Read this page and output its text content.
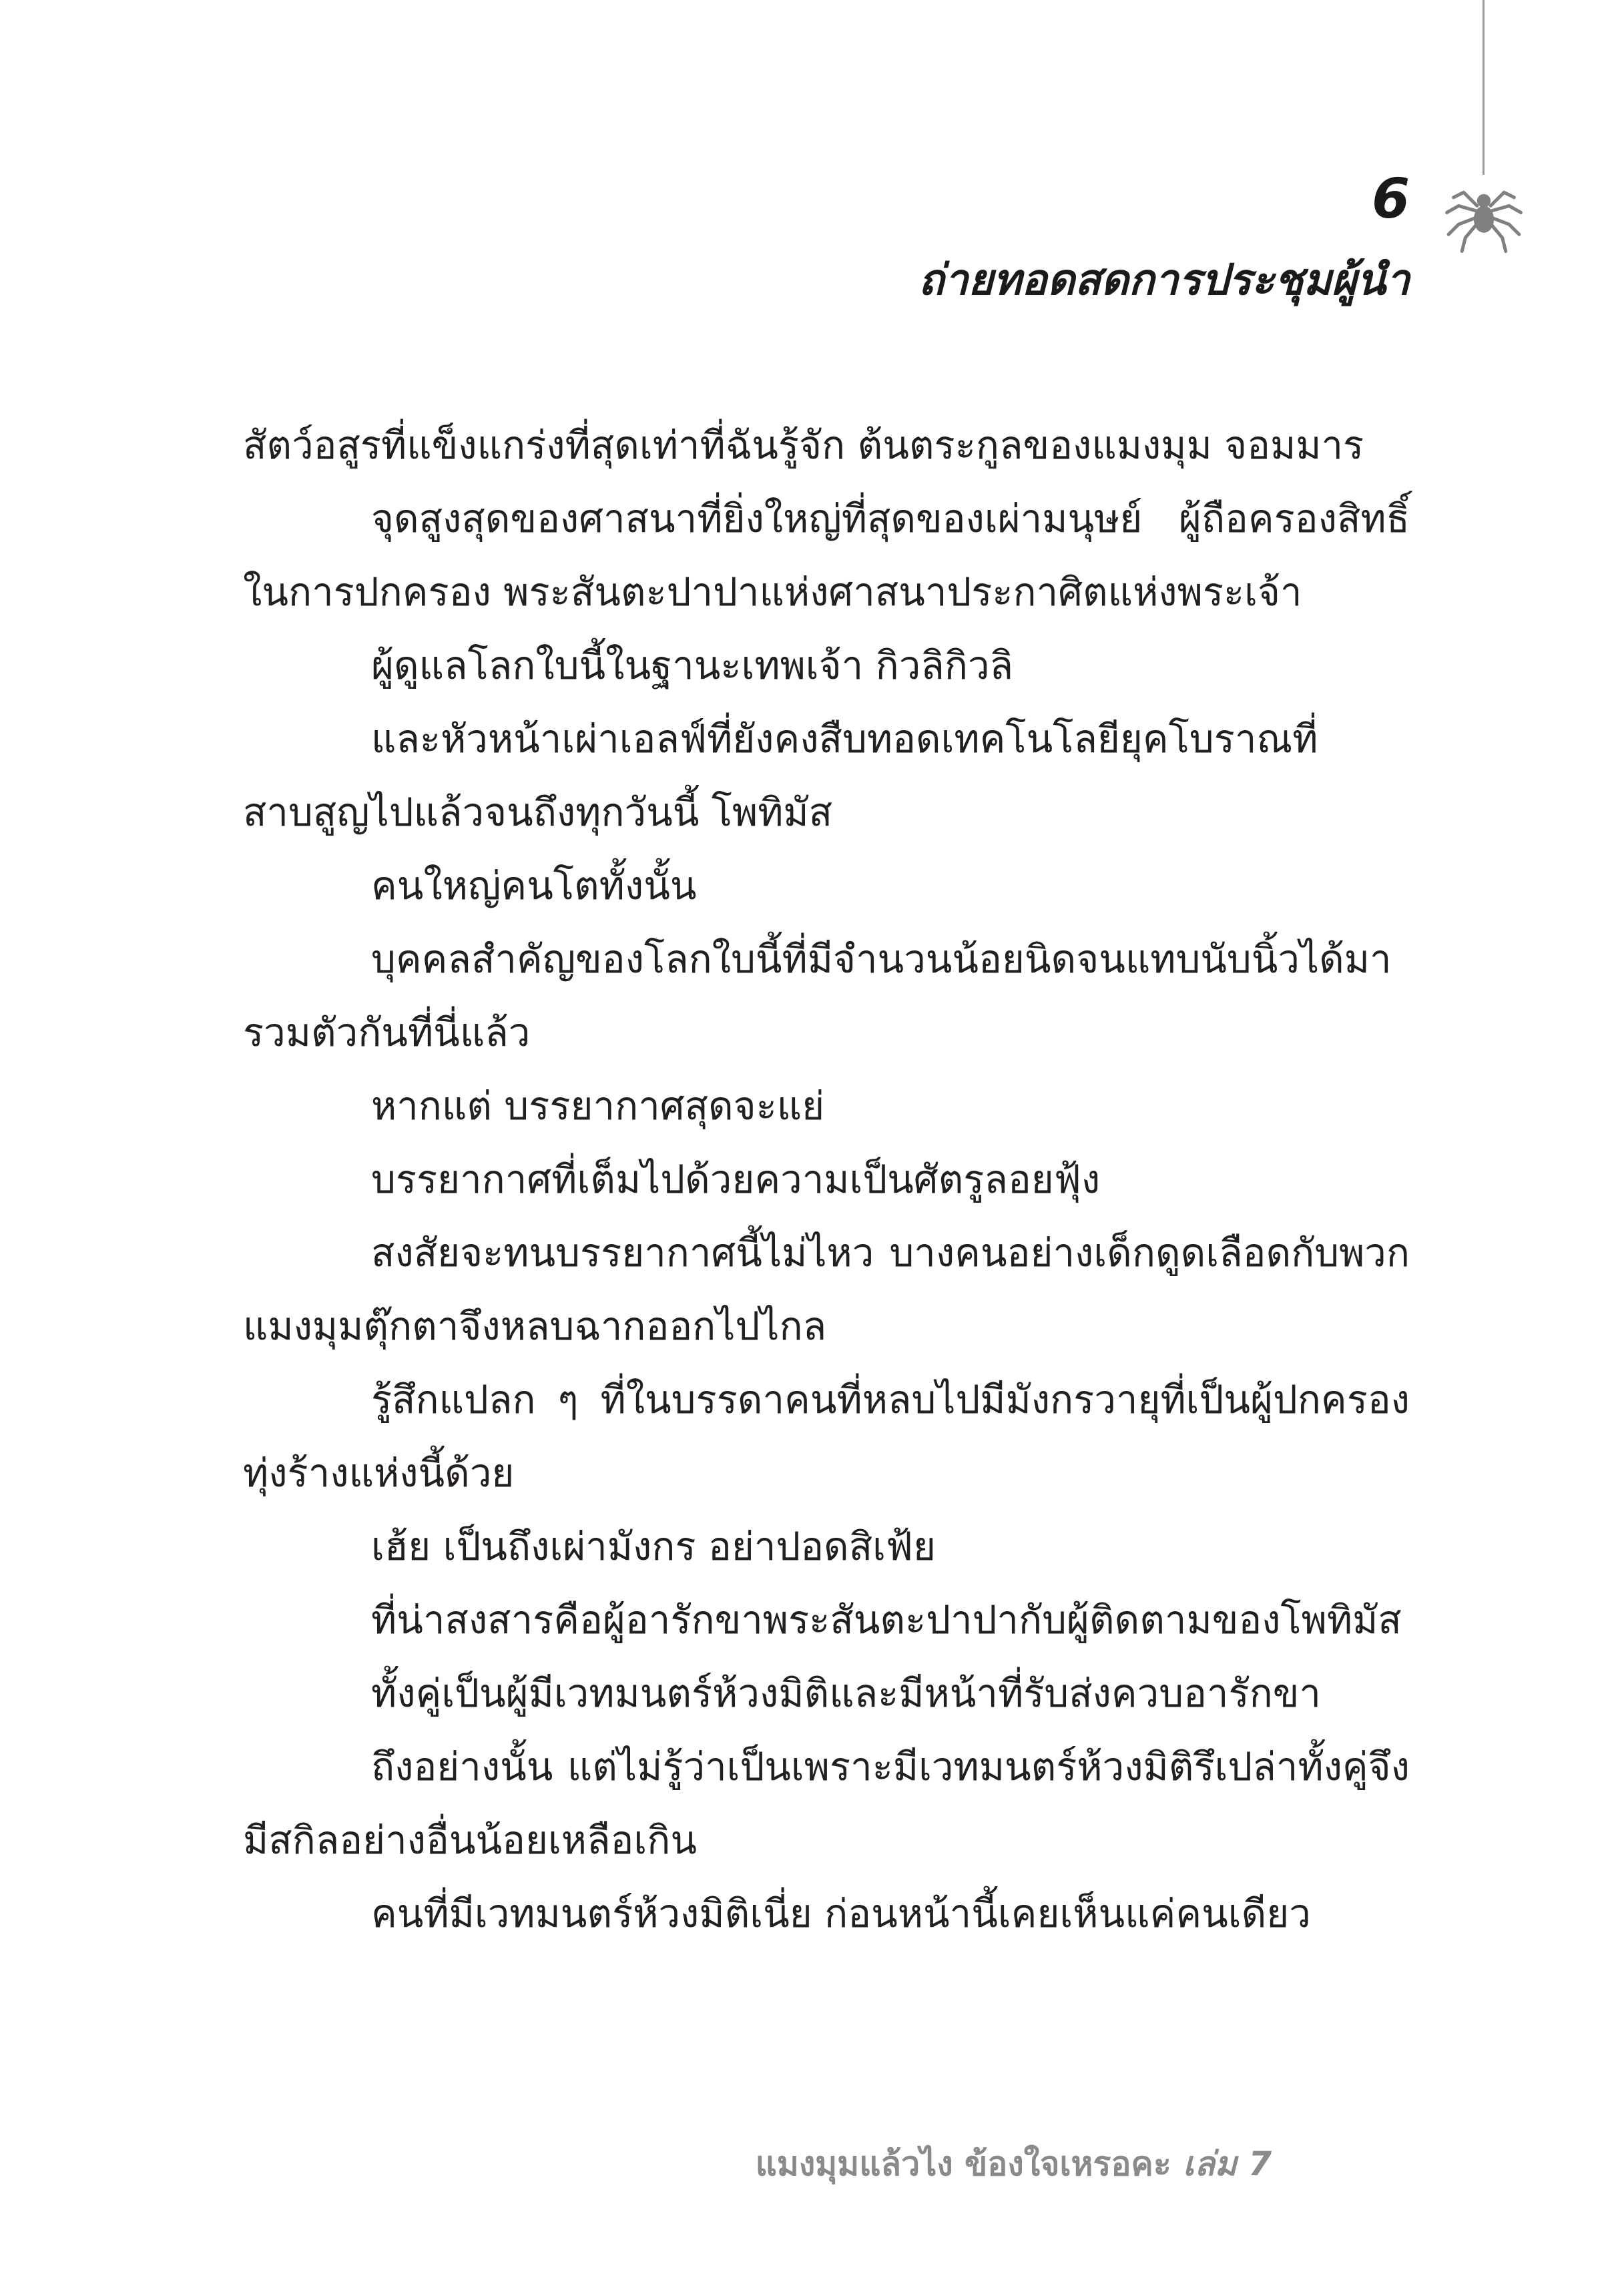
6
ถ่ายทอดสดการประชุมผู้นำ

สัตว์อสูรที่แข็งแกร่งที่สุดเท่าที่ฉันรู้จัก ต้นตระกูลของแมงมุม จอมมาร

จุดสูงสุดของศาสนาที่ยิ่งใหญ่ที่สุดของเผ่ามนุษย์ ผู้ถือครองสิทธิ์ในการปกครอง พระสันตะปาปาแห่งศาสนาประกาศิตแห่งพระเจ้า

ผู้ดูแลโลกใบนี้ในฐานะเทพเจ้า กิวลิกิวลิ

และหัวหน้าเผ่าเอลฟ์ที่ยังคงสืบทอดเทคโนโลยียุคโบราณที่สาบสูญไปแล้วจนถึงทุกวันนี้ โพทิมัส

คนใหญ่คนโตทั้งนั้น

บุคคลสำคัญของโลกใบนี้ที่มีจำนวนน้อยนิดจนแทบนับนิ้วได้มารวมตัวกันที่นี่แล้ว

หากแต่ บรรยากาศสุดจะแย่

บรรยากาศที่เต็มไปด้วยความเป็นศัตรูลอยฟุ้ง

สงสัยจะทนบรรยากาศนี้ไม่ไหว บางคนอย่างเด็กดูดเลือดกับพวกแมงมุมตุ๊กตาจึงหลบฉากออกไปไกล

รู้สึกแปลก ๆ ที่ในบรรดาคนที่หลบไปมีมังกรวายุที่เป็นผู้ปกครองทุ่งร้างแห่งนี้ด้วย

เฮ้ย เป็นถึงเผ่ามังกร อย่าปอดสิเฟ้ย

ที่น่าสงสารคือผู้อารักขาพระสันตะปาปากับผู้ติดตามของโพทิมัส

ทั้งคู่เป็นผู้มีเวทมนตร์ห้วงมิติและมีหน้าที่รับส่งควบอารักขา

ถึงอย่างนั้น แต่ไม่รู้ว่าเป็นเพราะมีเวทมนตร์ห้วงมิติรึเปล่าทั้งคู่จึงมีสกิลอย่างอื่นน้อยเหลือเกิน

คนที่มีเวทมนตร์ห้วงมิติเนี่ย ก่อนหน้านี้เคยเห็นแค่คนเดียว

แมงมุมแล้วไง ข้องใจเหรอคะ เล่ม 7
